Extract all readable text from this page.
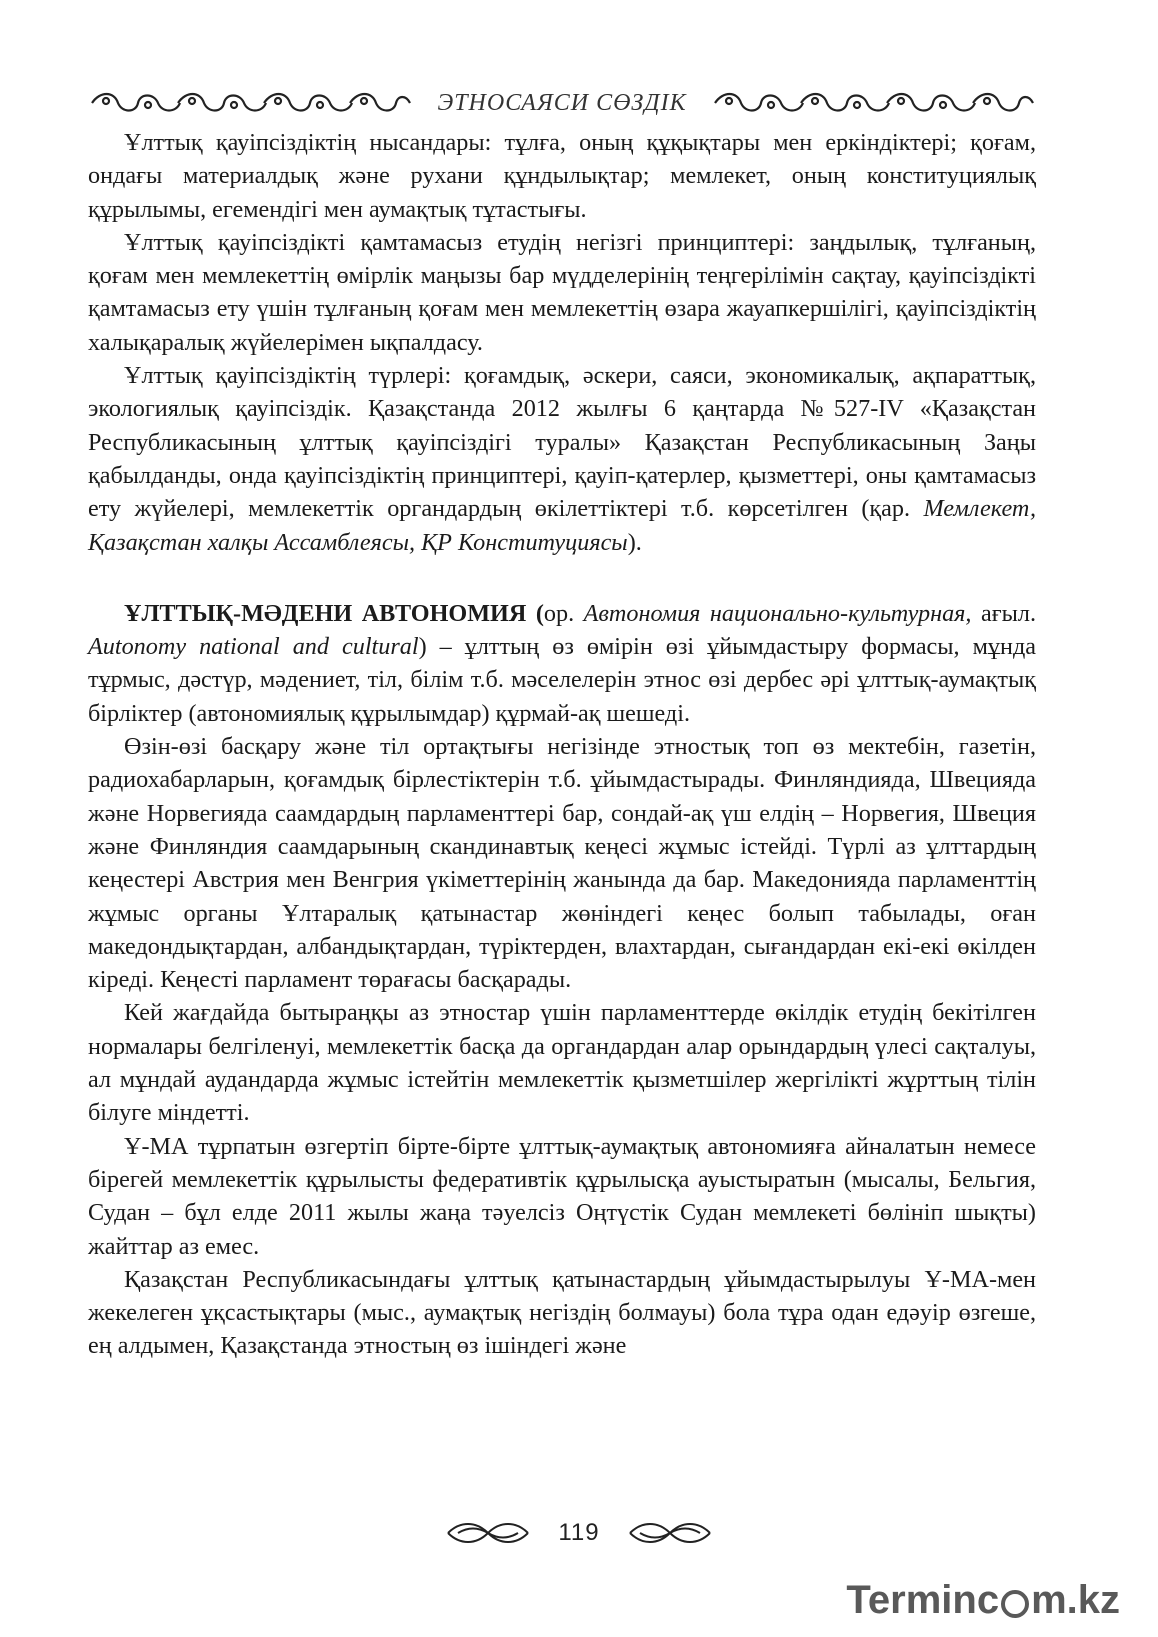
ЭТНОСАЯСИ СӨЗДІК

Ұлттық қауіпсіздіктің нысандары: тұлға, оның құқықтары мен еркіндіктері; қоғам, ондағы материалдық және рухани құндылықтар; мемлекет, оның конституциялық құрылымы, егемендігі мен аумақтық тұтастығы.

Ұлттық қауіпсіздікті қамтамасыз етудің негізгі принциптері: заңдылық, тұлғаның, қоғам мен мемлекеттің өмірлік маңызы бар мүдделерінің теңгерілімін сақтау, қауіпсіздікті қамтамасыз ету үшін тұлғаның қоғам мен мемлекеттің өзара жауапкершілігі, қауіпсіздіктің халықаралық жүйелерімен ықпалдасу.

Ұлттық қауіпсіздіктің түрлері: қоғамдық, әскери, саяси, экономикалық, ақпараттық, экологиялық қауіпсіздік. Қазақстанда 2012 жылғы 6 қаңтарда №527-IV «Қазақстан Республикасының ұлттық қауіпсіздігі туралы» Қазақстан Республикасының Заңы қабылданды, онда қауіпсіздіктің принциптері, қауіп-қатерлер, қызметтері, оны қамтамасыз ету жүйелері, мемлекеттік органдардың өкілеттіктері т.б. көрсетілген (қар. Мемлекет, Қазақстан халқы Ассамблеясы, ҚР Конституциясы).

ҰЛТТЫҚ-МӘДЕНИ АВТОНОМИЯ (ор. Автономия национально-культурная, ағыл. Autonomy national and cultural) – ұлттың өз өмірін өзі ұйымдастыру формасы, мұнда тұрмыс, дәстүр, мәдениет, тіл, білім т.б. мәселелерін этнос өзі дербес әрі ұлттық-аумақтық бірліктер (автономиялық құрылымдар) құрмай-ақ шешеді.

Өзін-өзі басқару және тіл ортақтығы негізінде этностық топ өз мектебін, газетін, радиохабарларын, қоғамдық бірлестіктерін т.б. ұйымдастырады. Финляндияда, Швецияда және Норвегияда саамдардың парламенттері бар, сондай-ақ үш елдің – Норвегия, Швеция және Финляндия саамдарының скандинавтық кеңесі жұмыс істейді. Түрлі аз ұлттардың кеңестері Австрия мен Венгрия үкіметтерінің жанында да бар. Македонияда парламенттің жұмыс органы Ұлтаралық қатынастар жөніндегі кеңес болып табылады, оған македондықтардан, албандықтардан, түріктерден, влахтардан, сығандардан екі-екі өкілден кіреді. Кеңесті парламент төрағасы басқарады.

Кей жағдайда бытыраңқы аз этностар үшін парламенттерде өкілдік етудің бекітілген нормалары белгіленуі, мемлекеттік басқа да органдардан алар орындардың үлесі сақталуы, ал мұндай аудандарда жұмыс істейтін мемлекеттік қызметшілер жергілікті жұрттың тілін білуге міндетті.

Ұ-МА тұрпатын өзгертіп бірте-бірте ұлттық-аумақтық автономияға айналатын немесе бірегей мемлекеттік құрылысты федеративтік құрылысқа ауыстыратын (мысалы, Бельгия, Судан – бұл елде 2011 жылы жаңа тәуелсіз Оңтүстік Судан мемлекеті бөлініп шықты) жайттар аз емес.

Қазақстан Республикасындағы ұлттық қатынастардың ұйымдастырылуы Ұ-МА-мен жекелеген ұқсастықтары (мыс., аумақтық негіздің болмауы) бола тұра одан едәуір өзгеше, ең алдымен, Қазақстанда этностың өз ішіндегі және

119
Terminc m.kz
